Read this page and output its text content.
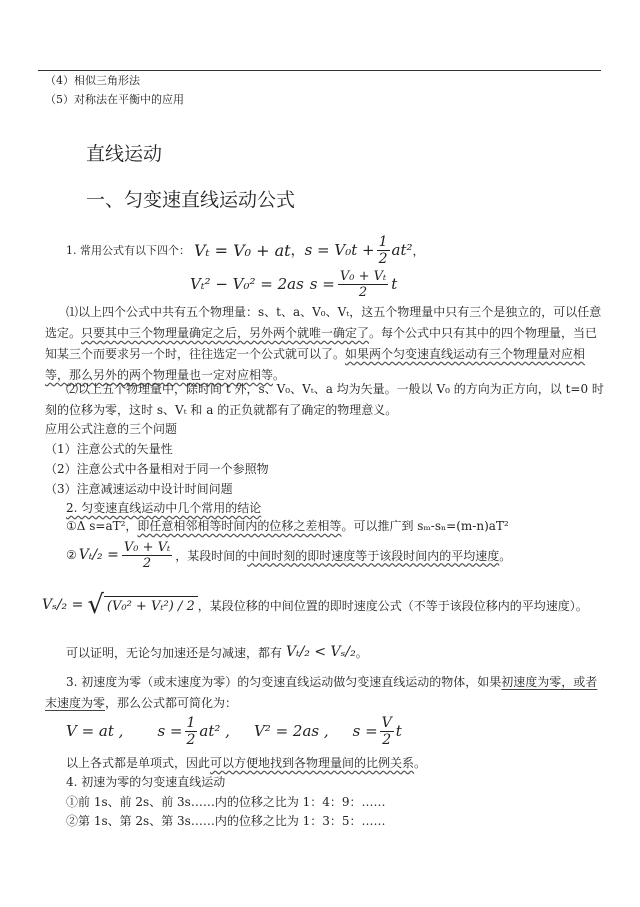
（4）相似三角形法
（5）对称法在平衡中的应用
直线运动
一、匀变速直线运动公式
1. 常用公式有以下四个： Vₜ = V₀ + at ， $s = V_0t + \frac{1}{2} at^2$ ，
Vₜ² − V₀² = 2as $s = \frac{\text{V₀ + Vₜ}}{2}$ t
⑴以上四个公式中共有五个物理量：s、t、a、V₀、Vₜ，这五个物理量中只有三个是独立的，可以任意选定。只要其中三个物理量确定之后，另外两个就唯一确定了。每个公式中只有其中的四个物理量，当已知某三个而要求另一个时，往往选定一个公式就可以了。如果两个匀变速直线运动有三个物理量对应相等，那么另外的两个物理量也一定对应相等。
⑵以上五个物理量中，除时间 t 外，s、V₀、Vₜ、a 均为矢量。一般以 V₀ 的方向为正方向，以 t=0 时刻的位移为零，这时 s、Vₜ 和 a 的正负就都有了确定的物理意义。
应用公式注意的三个问题
（1）注意公式的矢量性
（2）注意公式中各量相对于同一个参照物
（3）注意减速运动中设计时间问题
2. 匀变速直线运动中几个常用的结论
①Δ s=aT²，即任意相邻相等时间内的位移之差相等。可以推广到 sₘ-sₙ=(m-n)aT²
② $V_t/_2 = \frac{\text{V₀ + Vₜ}}{2}$ ，某段时间的 中间时刻的即时速度等于该段时间内的平均速度 。
Vₛ/₂ = √ (V₀² + Vₜ²) / 2 ，某段位移的中间位置的即时速度公式（不等于该段位移内的平均速度）。
可以证明，无论匀加速还是匀减速，都有 Vₜ/₂ < Vₛ/₂ 。
3. 初速度为零（或末速度为零）的匀变速直线运动做匀变速直线运动的物体，如果初速度为零，或者末速度为零，那么公式都可简化为：
V = at , $s = \frac{1}{2} at^2$ , V² = 2as , $s = \frac{V}{2}$ t
以上各式都是单项式，因此可以方便地找到各物理量间的比例关系。
4. 初速为零的匀变速直线运动
①前 1s、前 2s、前 3s……内的位移之比为 1：4：9：……
②第 1s、第 2s、第 3s……内的位移之比为 1：3：5：……
